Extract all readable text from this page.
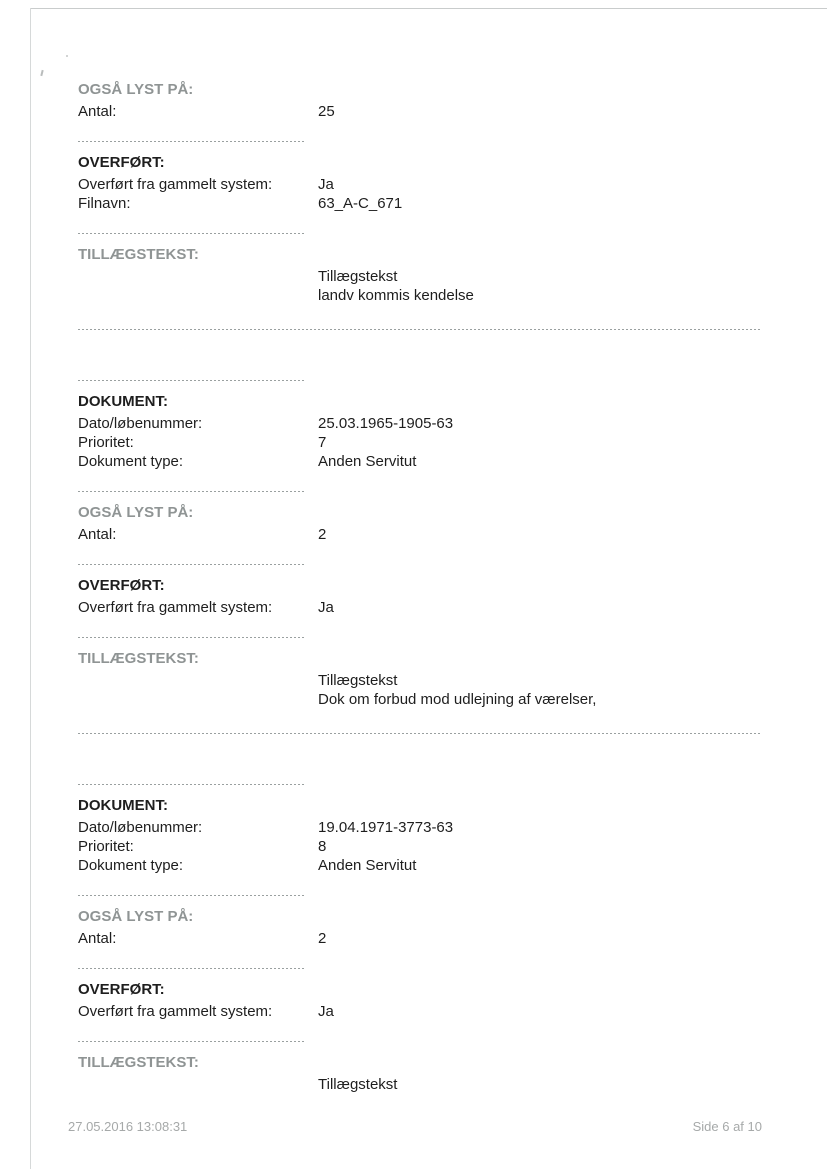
OGSÅ LYST PÅ:
Antal:	25
OVERFØRT:
Overført fra gammelt system:	Ja
Filnavn:	63_A-C_671
TILLÆGSTEKST:
Tillægstekst
landv kommis kendelse
DOKUMENT:
Dato/løbenummer:	25.03.1965-1905-63
Prioritet:	7
Dokument type:	Anden Servitut
OGSÅ LYST PÅ:
Antal:	2
OVERFØRT:
Overført fra gammelt system:	Ja
TILLÆGSTEKST:
Tillægstekst
Dok om forbud mod udlejning af værelser,
DOKUMENT:
Dato/løbenummer:	19.04.1971-3773-63
Prioritet:	8
Dokument type:	Anden Servitut
OGSÅ LYST PÅ:
Antal:	2
OVERFØRT:
Overført fra gammelt system:	Ja
TILLÆGSTEKST:
Tillægstekst
27.05.2016 13:08:31	Side 6 af 10
